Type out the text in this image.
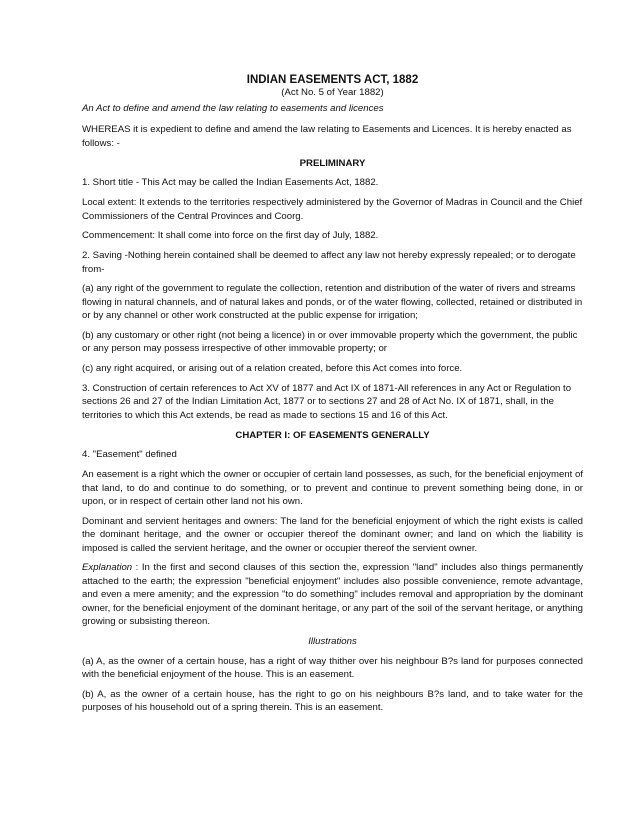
INDIAN EASEMENTS ACT, 1882

(Act No. 5 of Year 1882)

An Act to define and amend the law relating to easements and licences

WHEREAS it is expedient to define and amend the law relating to Easements and Licences. It is hereby enacted as follows: -

PRELIMINARY

1. Short title - This Act may be called the Indian Easements Act, 1882.

Local extent: It extends to the territories respectively administered by the Governor of Madras in Council and the Chief Commissioners of the Central Provinces and Coorg.

Commencement: It shall come into force on the first day of July, 1882.

2. Saving -Nothing herein contained shall be deemed to affect any law not hereby expressly repealed; or to derogate from-

(a) any right of the government to regulate the collection, retention and distribution of the water of rivers and streams flowing in natural channels, and of natural lakes and ponds, or of the water flowing, collected, retained or distributed in or by any channel or other work constructed at the public expense for irrigation;

(b) any customary or other right (not being a licence) in or over immovable property which the government, the public or any person may possess irrespective of other immovable property; or

(c) any right acquired, or arising out of a relation created, before this Act comes into force.

3. Construction of certain references to Act XV of 1877 and Act IX of 1871-All references in any Act or Regulation to sections 26 and 27 of the Indian Limitation Act, 1877 or to sections 27 and 28 of Act No. IX of 1871, shall, in the territories to which this Act extends, be read as made to sections 15 and 16 of this Act.

CHAPTER I: OF EASEMENTS GENERALLY

4. "Easement" defined

An easement is a right which the owner or occupier of certain land possesses, as such, for the beneficial enjoyment of that land, to do and continue to do something, or to prevent and continue to prevent something being done, in or upon, or in respect of certain other land not his own.

Dominant and servient heritages and owners: The land for the beneficial enjoyment of which the right exists is called the dominant heritage, and the owner or occupier thereof the dominant owner; and land on which the liability is imposed is called the servient heritage, and the owner or occupier thereof the servient owner.

Explanation : In the first and second clauses of this section the, expression "land" includes also things permanently attached to the earth; the expression "beneficial enjoyment" includes also possible convenience, remote advantage, and even a mere amenity; and the expression "to do something" includes removal and appropriation by the dominant owner, for the beneficial enjoyment of the dominant heritage, or any part of the soil of the servant heritage, or anything growing or subsisting thereon.

Illustrations

(a) A, as the owner of a certain house, has a right of way thither over his neighbour B?s land for purposes connected with the beneficial enjoyment of the house. This is an easement.

(b) A, as the owner of a certain house, has the right to go on his neighbours B?s land, and to take water for the purposes of his household out of a spring therein. This is an easement.
